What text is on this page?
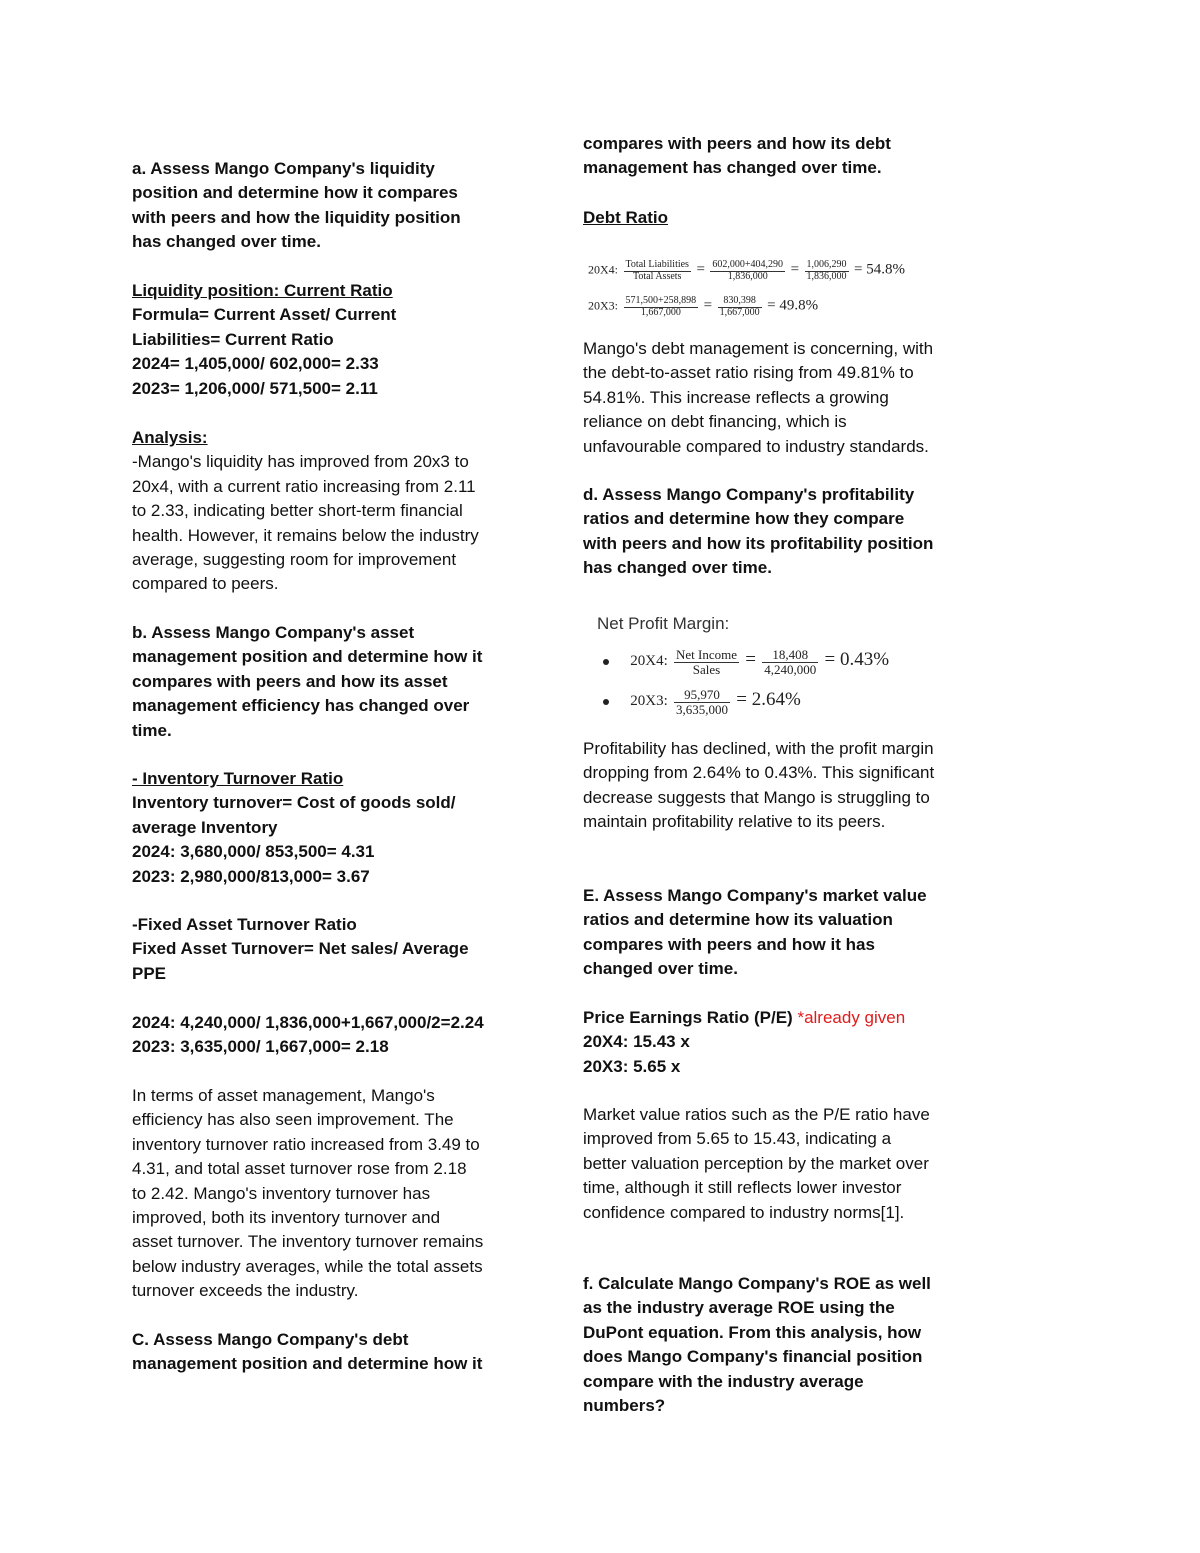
a. Assess Mango Company's liquidity
position and determine how it compares
with peers and how the liquidity position
has changed over time.
Liquidity position: Current Ratio
Formula= Current Asset/ Current
Liabilities= Current Ratio
2024= 1,405,000/ 602,000= 2.33
2023= 1,206,000/ 571,500= 2.11
Analysis:
-Mango's liquidity has improved from 20x3 to
20x4, with a current ratio increasing from 2.11
to 2.33, indicating better short-term financial
health. However, it remains below the industry
average, suggesting room for improvement
compared to peers.
b. Assess Mango Company's asset
management position and determine how it
compares with peers and how its asset
management efficiency has changed over
time.
- Inventory Turnover Ratio
Inventory turnover= Cost of goods sold/
average Inventory
2024: 3,680,000/ 853,500= 4.31
2023: 2,980,000/813,000= 3.67
-Fixed Asset Turnover Ratio
Fixed Asset Turnover= Net sales/ Average
PPE
2024: 4,240,000/ 1,836,000+1,667,000/2=2.24
2023: 3,635,000/ 1,667,000= 2.18
In terms of asset management, Mango's
efficiency has also seen improvement. The
inventory turnover ratio increased from 3.49 to
4.31, and total asset turnover rose from 2.18
to 2.42. Mango's inventory turnover has
improved, both its inventory turnover and
asset turnover. The inventory turnover remains
below industry averages, while the total assets
turnover exceeds the industry.
C. Assess Mango Company's debt
management position and determine how it
compares with peers and how its debt
management has changed over time.
Debt Ratio
20X4: $\frac{\text{Total Liabilities}}{\text{Total Assets}} = \frac{602,000+404,290}{1,836,000} = \frac{1,006,290}{1,836,000} = 54.8\%$
20X3: $\frac{571,500+258,898}{1,667,000} = \frac{830,398}{1,667,000} = 49.8\%$
Mango's debt management is concerning, with
the debt-to-asset ratio rising from 49.81% to
54.81%. This increase reflects a growing
reliance on debt financing, which is
unfavourable compared to industry standards.
d. Assess Mango Company's profitability
ratios and determine how they compare
with peers and how its profitability position
has changed over time.
Net Profit Margin:
20X4: $\frac{\text{Net Income}}{\text{Sales}} = \frac{18,408}{4,240,000} = 0.43\%$
20X3: $\frac{95,970}{3,635,000} = 2.64\%$
Profitability has declined, with the profit margin
dropping from 2.64% to 0.43%. This significant
decrease suggests that Mango is struggling to
maintain profitability relative to its peers.
E. Assess Mango Company's market value
ratios and determine how its valuation
compares with peers and how it has
changed over time.
Price Earnings Ratio (P/E) *already given
20X4: 15.43 x
20X3: 5.65 x
Market value ratios such as the P/E ratio have
improved from 5.65 to 15.43, indicating a
better valuation perception by the market over
time, although it still reflects lower investor
confidence compared to industry norms[1].
f. Calculate Mango Company's ROE as well
as the industry average ROE using the
DuPont equation. From this analysis, how
does Mango Company's financial position
compare with the industry average
numbers?
